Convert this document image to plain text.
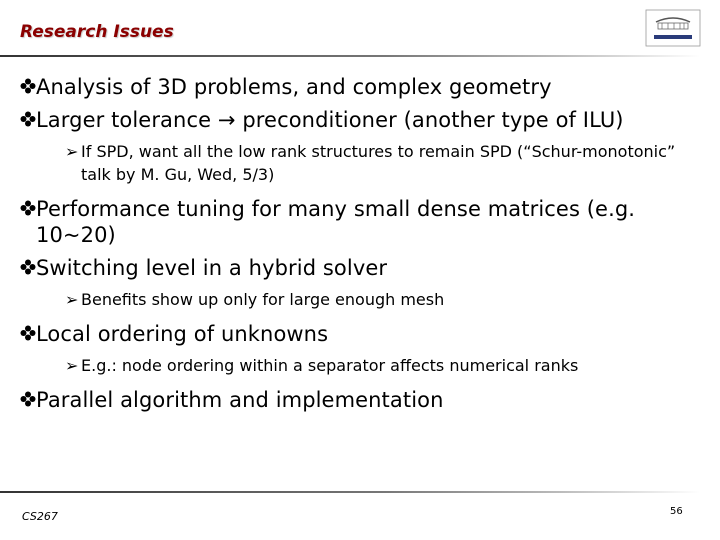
Research Issues
Analysis of 3D problems, and complex geometry
Larger tolerance → preconditioner (another type of ILU)
➢ If SPD, want all the low rank structures to remain SPD (“Schur-monotonic” talk by M. Gu, Wed, 5/3)
Performance tuning for many small dense matrices (e.g. 10~20)
Switching level in a hybrid solver
➢ Benefits show up only for large enough mesh
Local ordering of unknowns
➢ E.g.: node ordering within a separator affects numerical ranks
Parallel algorithm and implementation
CS267	56
